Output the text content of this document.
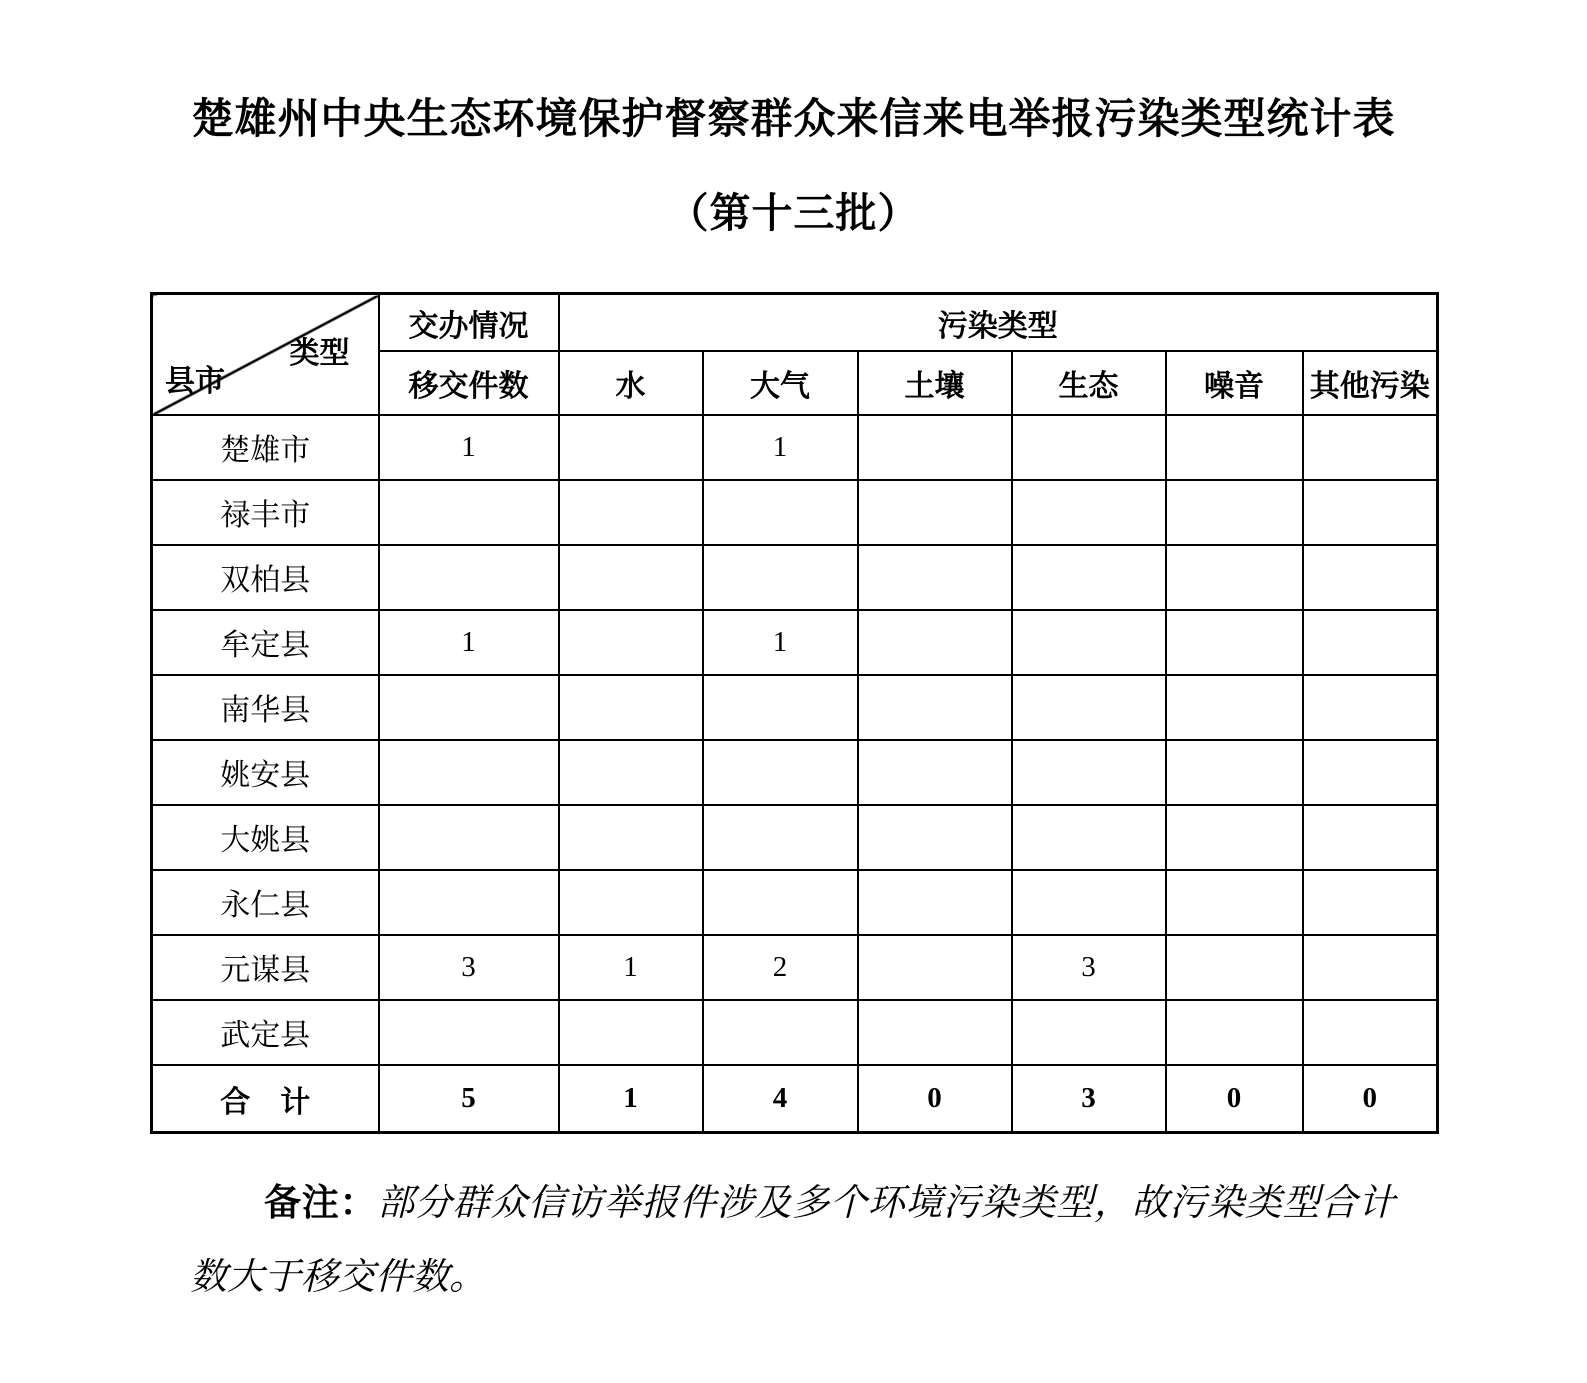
楚雄州中央生态环境保护督察群众来信来电举报污染类型统计表
（第十三批）
类型
县市	交办情况	污染类型					
	移交件数	水	大气	土壤	生态	噪音	其他污染
楚雄市	1		1				
禄丰市							
双柏县							
牟定县	1		1				
南华县							
姚安县							
大姚县							
永仁县							
元谋县	3	1	2		3		
武定县							
合　计	5	1	4	0	3	0	0

备注：部分群众信访举报件涉及多个环境污染类型，故污染类型合计数大于移交件数。
